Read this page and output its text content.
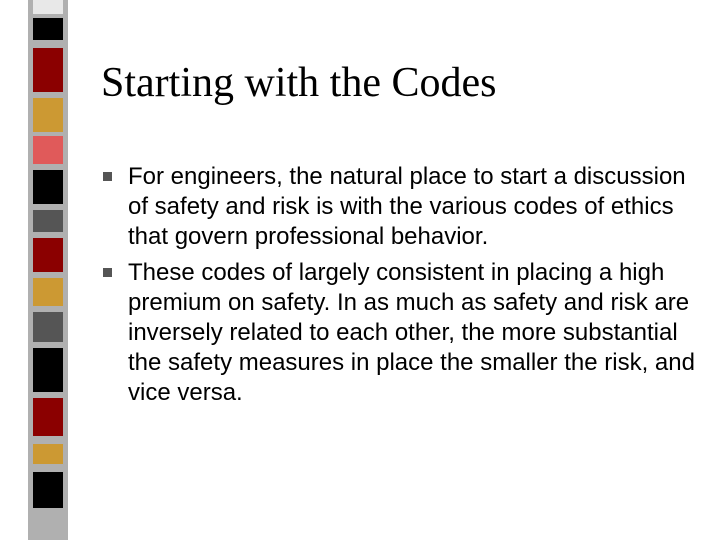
Starting with the Codes
For engineers, the natural place to start a discussion of safety and risk is with the various codes of ethics that govern professional behavior.
These codes of largely consistent in placing a high premium on safety. In as much as safety and risk are inversely related to each other, the more substantial the safety measures in place the smaller the risk, and vice versa.
